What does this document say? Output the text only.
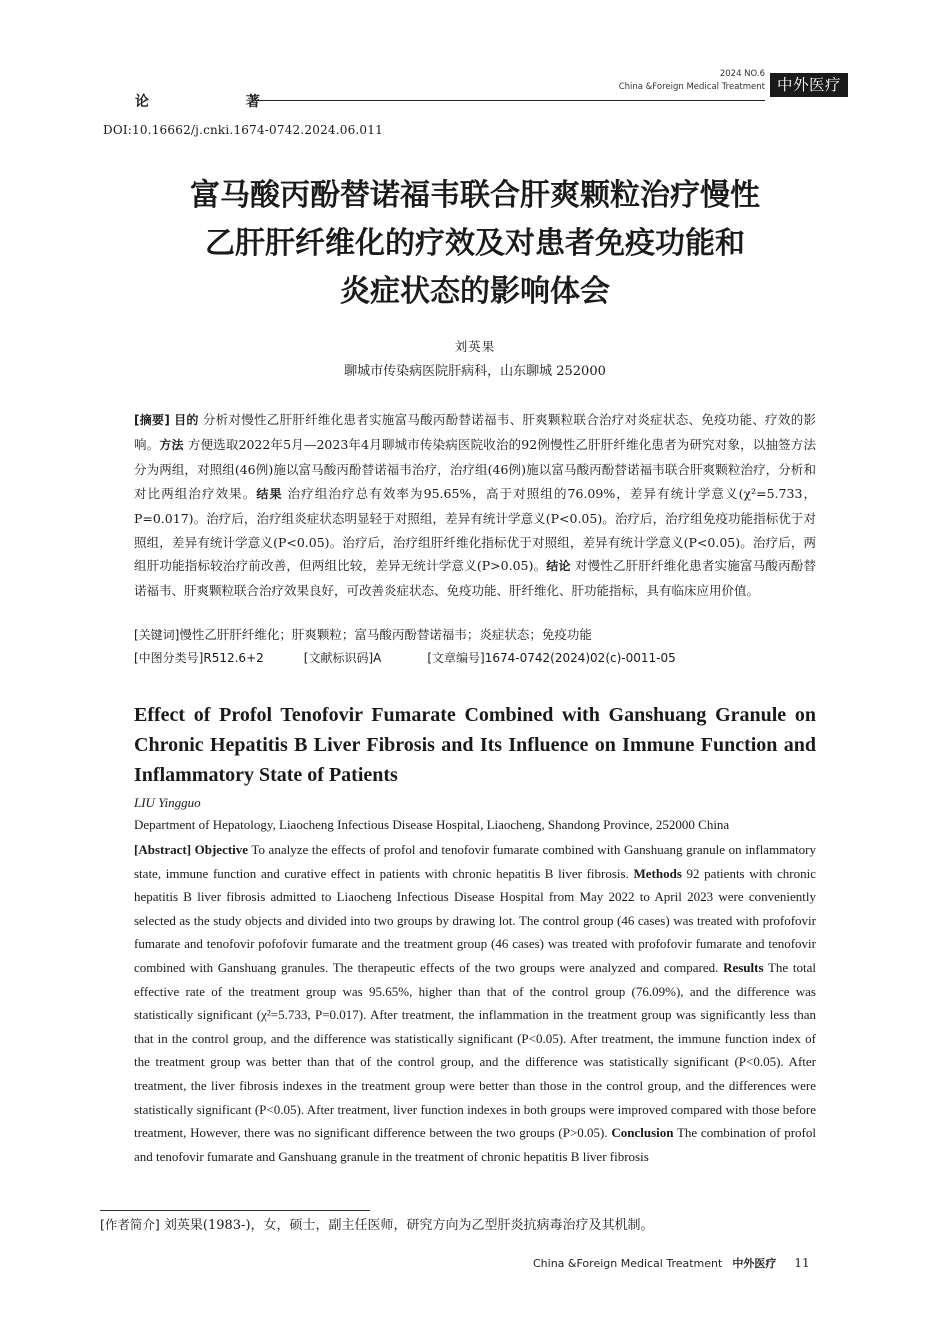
论 著
2024 NO.6
China &Foreign Medical Treatment 中外医疗
DOI:10.16662/j.cnki.1674-0742.2024.06.011
富马酸丙酚替诺福韦联合肝爽颗粒治疗慢性
乙肝肝纤维化的疗效及对患者免疫功能和
炎症状态的影响体会
刘英果
聊城市传染病医院肝病科，山东聊城 252000
[摘要] 目的 分析对慢性乙肝肝纤维化患者实施富马酸丙酚替诺福韦、肝爽颗粒联合治疗对炎症状态、免疫功能、疗效的影响。方法 方便选取2022年5月—2023年4月聊城市传染病医院收治的92例慢性乙肝肝纤维化患者为研究对象，以抽签方法分为两组，对照组(46例)施以富马酸丙酚替诺福韦治疗，治疗组(46例)施以富马酸丙酚替诺福韦联合肝爽颗粒治疗，分析和对比两组治疗效果。结果 治疗组治疗总有效率为95.65%，高于对照组的76.09%，差异有统计学意义(χ²=5.733，P=0.017)。治疗后，治疗组炎症状态明显轻于对照组，差异有统计学意义(P<0.05)。治疗后，治疗组免疫功能指标优于对照组，差异有统计学意义(P<0.05)。治疗后，治疗组肝纤维化指标优于对照组，差异有统计学意义(P<0.05)。治疗后，两组肝功能指标较治疗前改善，但两组比较，差异无统计学意义(P>0.05)。结论 对慢性乙肝肝纤维化患者实施富马酸丙酚替诺福韦、肝爽颗粒联合治疗效果良好，可改善炎症状态、免疫功能、肝纤维化、肝功能指标，具有临床应用价值。
[关键词]慢性乙肝肝纤维化；肝爽颗粒；富马酸丙酚替诺福韦；炎症状态；免疫功能
[中图分类号]R512.6+2	[文献标识码]A	[文章编号]1674-0742(2024)02(c)-0011-05
Effect of Profol Tenofovir Fumarate Combined with Ganshuang Granule on Chronic Hepatitis B Liver Fibrosis and Its Influence on Immune Function and Inflammatory State of Patients
LIU Yingguo
Department of Hepatology, Liaocheng Infectious Disease Hospital, Liaocheng, Shandong Province, 252000 China
[Abstract] Objective To analyze the effects of profol and tenofovir fumarate combined with Ganshuang granule on inflammatory state, immune function and curative effect in patients with chronic hepatitis B liver fibrosis. Methods 92 patients with chronic hepatitis B liver fibrosis admitted to Liaocheng Infectious Disease Hospital from May 2022 to April 2023 were conveniently selected as the study objects and divided into two groups by drawing lot. The control group (46 cases) was treated with profofovir fumarate and tenofovir pofofovir fumarate and the treatment group (46 cases) was treated with profofovir fumarate and tenofovir combined with Ganshuang granules. The therapeutic effects of the two groups were analyzed and compared. Results The total effective rate of the treatment group was 95.65%, higher than that of the control group (76.09%), and the difference was statistically significant (χ²=5.733, P=0.017). After treatment, the inflammation in the treatment group was significantly less than that in the control group, and the difference was statistically significant (P<0.05). After treatment, the immune function index of the treatment group was better than that of the control group, and the difference was statistically significant (P<0.05). After treatment, the liver fibrosis indexes in the treatment group were better than those in the control group, and the differences were statistically significant (P<0.05). After treatment, liver function indexes in both groups were improved compared with those before treatment, However, there was no significant difference between the two groups (P>0.05). Conclusion The combination of profol and tenofovir fumarate and Ganshuang granule in the treatment of chronic hepatitis B liver fibrosis
[作者简介] 刘英果(1983-)，女，硕士，副主任医师，研究方向为乙型肝炎抗病毒治疗及其机制。
China &Foreign Medical Treatment 中外医疗 11
